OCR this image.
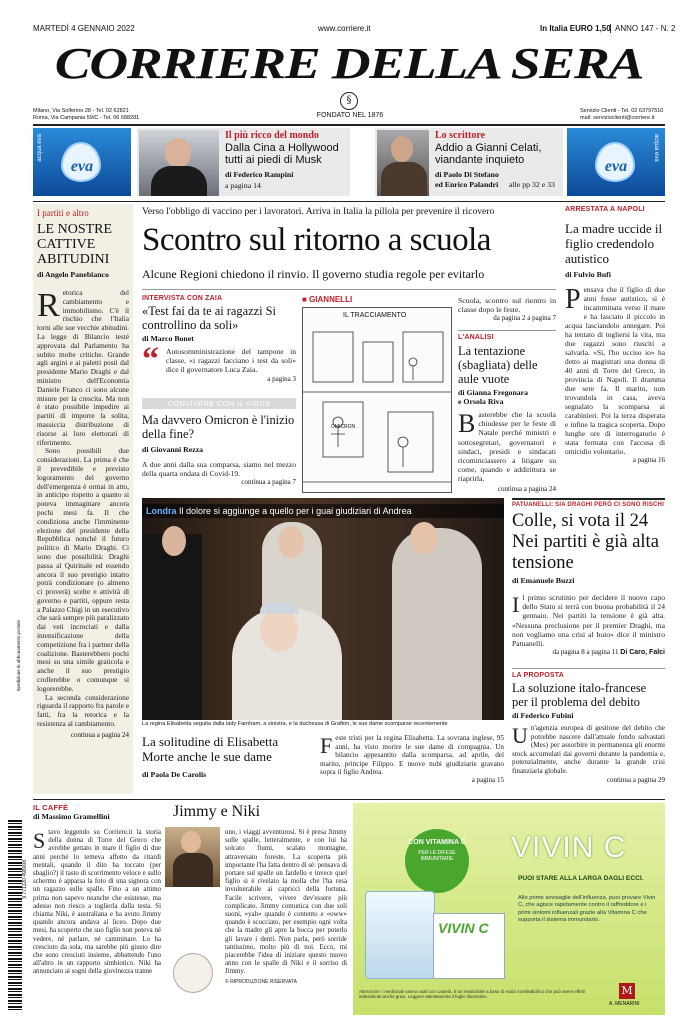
MARTEDÌ 4 GENNAIO 2022	www.corriere.it	In Italia EURO 1,50 ANNO 147 - N. 2
CORRIERE DELLA SERA
§
FONDATO NEL 1876
Milano, Via Solferino 28 - Tel. 02 62821
Roma, Via Campania 59/C - Tel. 06 688281
Servizio Clienti - Tel. 02 63797510
mail: servizioclienti@corriere.it
eva
acqua eva
eva
acqua eva
Il più ricco del mondo
Dalla Cina a Hollywood tutti ai piedi di Musk
di Federico Rampini
a pagina 14
Lo scrittore
Addio a Gianni Celati, viandante inquieto
di Paolo Di Stefano
ed Enrico Palandri alle pp 32 e 33
I partiti e altro
LE NOSTRE CATTIVE ABITUDINI
di Angelo Panebianco
Retorica del cambiamento e immobilismo. C'è il rischio che l'Italia torni alle sue vecchie abitudini. La legge di Bilancio testé approvata dal Parlamento ha subito molte critiche. Grande agli argini e ai paletti posti dal presidente Mario Draghi e dal ministro dell'Economia Daniele Franco ci sono alcune misure per la crescita. Ma non è stato possibile impedire ai partiti di imporre la solita, massiccia distribuzione di risorse ai loro elettorati di riferimento.
Sono possibili due considerazioni. La prima è che il prevedibile e previsto logoramento del governo dell'emergenza è ormai in atto, in anticipo rispetto a quanto si poteva immaginare ancora pochi mesi fa. Il che condiziona anche l'imminente elezione del presidente della Repubblica nonché il futuro politico di Mario Draghi. Ci sono due possibilità: Draghi passa al Quirinale ed essendo ancora il suo prestigio intatto potrà condizionare (o almeno ci proverà) scelte e attività di governo e partiti, oppure resta a Palazzo Chigi in un esecutivo che sarà sempre più paralizzato dai veti incrociati e dalla intensificazione della competizione fra i partner della coalizione. Basterebbero pochi mesi su una simile graticola e anche il suo prestigio crollerebbe o comunque si logorerebbe.
La seconda considerazione riguarda il rapporto fra parole e fatti, fra la retorica e la resistenza al cambiamento.
continua a pagina 24
Verso l'obbligo di vaccino per i lavoratori. Arriva in Italia la pillola per prevenire il ricovero
Scontro sul ritorno a scuola
Alcune Regioni chiedono il rinvio. Il governo studia regole per evitarlo
INTERVISTA CON ZAIA
«Test fai da te ai ragazzi Si controllino da soli»
di Marco Bonet
“ Autosomministrazione del tampone in classe, «i ragazzi facciano i test da soli» dice il governatore Luca Zaia.
a pagina 3
CONVIVERE CON IL VIRUS
Ma davvero Omicron è l'inizio della fine?
di Giovanni Rezza
A due anni dalla sua comparsa, siamo nel mezzo della quarta ondata di Covid-19.
continua a pagina 7
■ GIANNELLI
IL TRACCIAMENTO
OMICRON
Scuola, scontro sul rientro in classe dopo le feste.
da pagina 2 a pagina 7
L'ANALISI
La tentazione (sbagliata) delle aule vuote
di Gianna Fregonara
e Orsola Riva
Basterebbe che la scuola chiudesse per le feste di Natale perché ministri e sottosegretari, governatori e sindaci, presidi e sindacati ricominciassero a litigare su come, quando e addirittura se riaprirla.
continua a pagina 24
ARRESTATA A NAPOLI
La madre uccide il figlio credendolo autistico
di Fulvio Bufi
Pensava che il figlio di due anni fosse autistico, si è incamminata verso il mare e ha lasciato il piccolo in acqua lasciandolo annegare. Poi ha tentato di togliersi la vita, ma due ragazzi sono riusciti a salvarla. «Sì, l'ho ucciso io» ha detto ai magistrati una donna di 40 anni di Torre del Greco, in provincia di Napoli. Il dramma due sere fa. Il marito, non trovandola in casa, aveva segnalato la scomparsa ai carabinieri. Poi la terza disperata e infine la tragica scoperta. Dopo lunghe ore di interrogatorio è stata fermata con l'accusa di omicidio volontario.
a pagina 16
Londra Il dolore si aggiunge a quello per i guai giudiziari di Andrea
La regina Elisabetta seguita dalla lady Farnham, a sinistra, e la duchessa di Grafton, le sue dame scomparse recentemente
La solitudine di Elisabetta Morte anche le sue dame
di Paola De Carolis
Feste tristi per la regina Elisabetta. La sovrana inglese, 95 anni, ha visto morire le sue dame di compagnia. Un bilancio appesantito dalla scomparsa, ad aprile, del marito, principe Filippo. E nuove nubi giudiziarie gravano sopra il figlio Andrea.
a pagina 15
PATUANELLI: SIA DRAGHI PERÒ CI SONO RISCHI
Colle, si vota il 24 Nei partiti è già alta tensione
di Emanuele Buzzi
Il primo scrutinio per decidere il nuovo capo dello Stato si terrà con buona probabilità il 24 gennaio. Nei partiti la tensione è già alta. «Nessuna preclusione per il premier Draghi, ma non vogliamo una crisi al buio» dice il ministro Patuanelli.
da pagina 8 a pagina 11 Di Caro, Falci
LA PROPOSTA
La soluzione italo-francese per il problema del debito
di Federico Fubini
Un'agenzia europea di gestione del debito che potrebbe nascere dall'attuale fondo salvastati (Mes) per assorbire in permanenza gli enormi stock accumulati dai governi durante la pandemia e, potenzialmente, anche durante la grande crisi finanziaria globale.
continua a pagina 29
IL CAFFÈ
di Massimo Gramellini	Jimmy e Niki
Stavo leggendo su Corriere.it la storia della donna di Torre del Greco che avrebbe gettato in mare il figlio di due anni perché lo temeva affetto da ritardi mentali, quando il dito ha toccato (per sbaglio?) il tasto di scorrimento veloce e sullo schermo è apparsa la foto di una signora con un ragazzo sulle spalle. Fino a un attimo prima non sapevo neanche che esistesse, ma adesso non riesco a toglierla dalla testa. Si chiama Niki, è australiana e ha avuto Jimmy quando ancora andava al liceo. Dopo due mesi, ha scoperto che suo figlio non poteva né vedere, né parlare, né camminare. Lo ha cresciuto da sola, ma sarebbe più giusto dire che sono cresciuti insieme, abbattendo l'uno all'altro in un rapporto simbiotico. Niki ha annunciato ai sogni della giovinezza tranne
uno, i viaggi avventurosi. Si è presa Jimmy sulle spalle, letteralmente, e con lui ha solcato fiumi, scalato montagne, attraversato foreste. La scoperta più importante l'ha fatta dentro di sé: pensava di portare sul spalle un fardello e invece quel figlio si è rivelato la molla che l'ha resa invulnerabile ai capricci della fortuna. Facile scrivere, vivere dev'essere più complicato. Jimmy comunica con due soli suoni, «yah» quando è contento e «oww» quando è scocciato, per esempio ogni volta che la madre gli apre la bocca per poterlo gli lavare i denti. Non parla, però sorride tantissimo, molto più di noi. Ecco, mi piacerebbe l'idea di iniziare questo nuovo anno con le spalle di Niki e il sorriso di Jimmy.
© RIPRODUZIONE RISERVATA
CON VITAMINA C
PER LE DIFESE IMMUNITARIE
VIVIN C
VIVIN C
PUOI STARE ALLA LARGA DAGLI ECCI.
Alle prime avvisaglie dell'influenza, puoi provare Vivin C, che agisce rapidamente contro il raffreddore e i primi sintomi influenzali grazie alla Vitamina C che supporta il sistema immunitario.
Attenzione: i medicinali vanno usati con cautela. È un medicinale a base di Acido Acetilsalicilico che può avere effetti indesiderati anche gravi. Leggere attentamente il foglio illustrativo.	M
A. MENARINI
9 771120 498008
Spedizione in abbonamento postale
